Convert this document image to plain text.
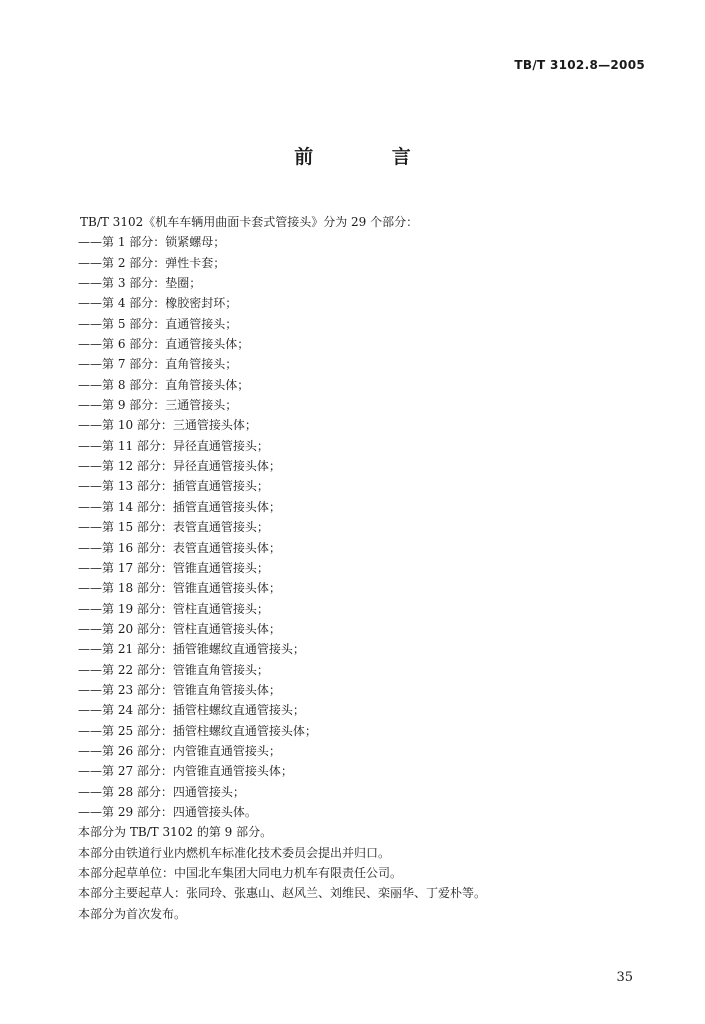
TB/T 3102.8—2005
前 言
TB/T 3102《机车车辆用曲面卡套式管接头》分为 29 个部分：
——第 1 部分：锁紧螺母；
——第 2 部分：弹性卡套；
——第 3 部分：垫圈；
——第 4 部分：橡胶密封环；
——第 5 部分：直通管接头；
——第 6 部分：直通管接头体；
——第 7 部分：直角管接头；
——第 8 部分：直角管接头体；
——第 9 部分：三通管接头；
——第 10 部分：三通管接头体；
——第 11 部分：异径直通管接头；
——第 12 部分：异径直通管接头体；
——第 13 部分：插管直通管接头；
——第 14 部分：插管直通管接头体；
——第 15 部分：表管直通管接头；
——第 16 部分：表管直通管接头体；
——第 17 部分：管锥直通管接头；
——第 18 部分：管锥直通管接头体；
——第 19 部分：管柱直通管接头；
——第 20 部分：管柱直通管接头体；
——第 21 部分：插管锥螺纹直通管接头；
——第 22 部分：管锥直角管接头；
——第 23 部分：管锥直角管接头体；
——第 24 部分：插管柱螺纹直通管接头；
——第 25 部分：插管柱螺纹直通管接头体；
——第 26 部分：内管锥直通管接头；
——第 27 部分：内管锥直通管接头体；
——第 28 部分：四通管接头；
——第 29 部分：四通管接头体。
本部分为 TB/T 3102 的第 9 部分。
本部分由铁道行业内燃机车标准化技术委员会提出并归口。
本部分起草单位：中国北车集团大同电力机车有限责任公司。
本部分主要起草人：张同玲、张惠山、赵风兰、刘维民、栾丽华、丁爱朴等。
本部分为首次发布。
35
